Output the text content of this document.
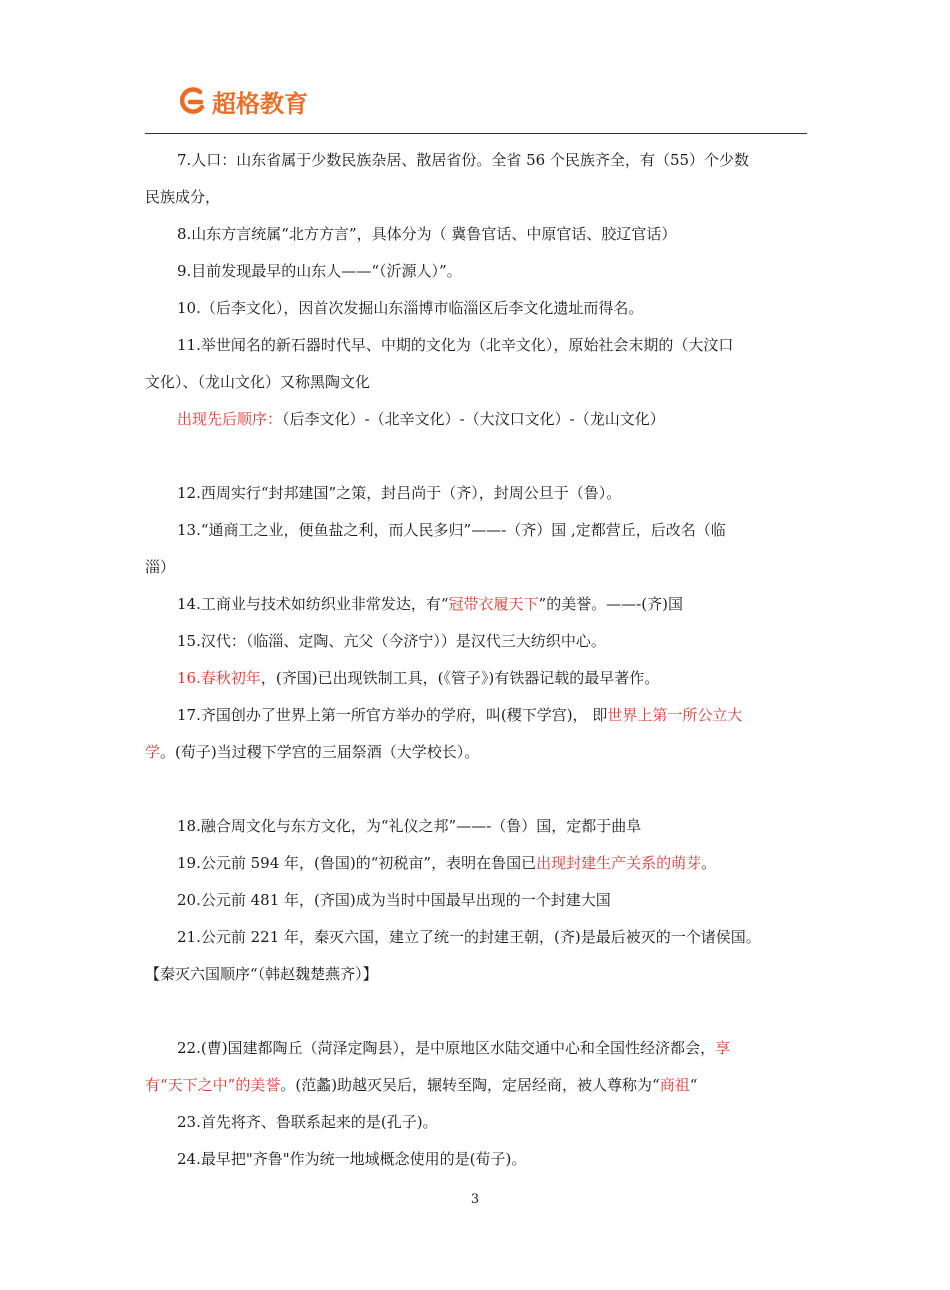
超格教育

7.人口：山东省属于少数民族杂居、散居省份。全省 56 个民族齐全，有（55）个少数

民族成分，

8.山东方言统属“北方方言”，具体分为（ 冀鲁官话、中原官话、胶辽官话）

9.目前发现最早的山东人——“（沂源人）”。

10.（后李文化），因首次发掘山东淄博市临淄区后李文化遗址而得名。

11.举世闻名的新石器时代早、中期的文化为（北辛文化），原始社会末期的（大汶口

文化）、（龙山文化）又称黑陶文化

出现先后顺序：（后李文化）-（北辛文化）-（大汶口文化）-（龙山文化）

12.西周实行“封邦建国”之策，封吕尚于（齐），封周公旦于（鲁）。

13.“通商工之业，便鱼盐之利，而人民多归”——-（齐）国 ,定都营丘，后改名（临

淄）

14.工商业与技术如纺织业非常发达，有“冠带衣履天下”的美誉。——-(齐)国

15.汉代：（临淄、定陶、亢父（今济宁））是汉代三大纺织中心。

16.春秋初年，(齐国)已出现铁制工具，(《管子》)有铁器记载的最早著作。

17.齐国创办了世界上第一所官方举办的学府，叫(稷下学宫)， 即世界上第一所公立大

学。(荀子)当过稷下学宫的三届祭酒（大学校长）。

18.融合周文化与东方文化，为“礼仪之邦”——-（鲁）国，定都于曲阜

19.公元前 594 年，(鲁国)的“初税亩”，表明在鲁国已出现封建生产关系的萌芽。

20.公元前 481 年，(齐国)成为当时中国最早出现的一个封建大国

21.公元前 221 年，秦灭六国，建立了统一的封建王朝，(齐)是最后被灭的一个诸侯国。

【秦灭六国顺序“（韩赵魏楚燕齐）】

22.(曹)国建都陶丘（菏泽定陶县），是中原地区水陆交通中心和全国性经济都会，享

有“天下之中”的美誉。(范蠡)助越灭吴后，辗转至陶，定居经商，被人尊称为“商祖“

23.首先将齐、鲁联系起来的是(孔子)。

24.最早把"齐鲁"作为统一地域概念使用的是(荀子)。

3
